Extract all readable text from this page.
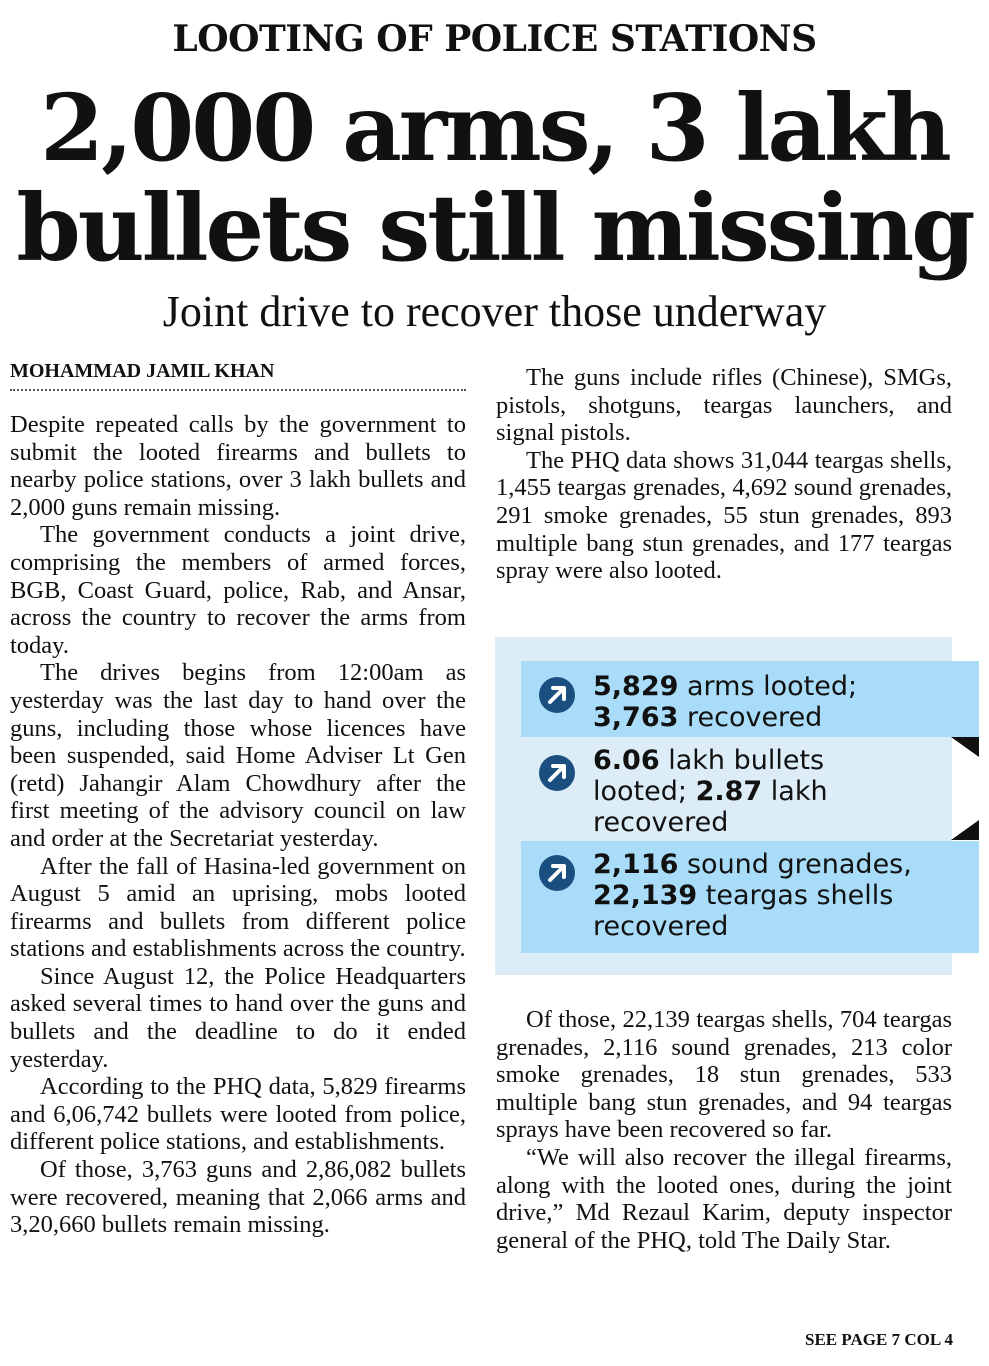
LOOTING OF POLICE STATIONS
2,000 arms, 3 lakh
bullets still missing
Joint drive to recover those underway
MOHAMMAD JAMIL KHAN

Despite repeated calls by the government to submit the looted firearms and bullets to nearby police stations, over 3 lakh bullets and 2,000 guns remain missing.

The government conducts a joint drive, comprising the members of armed forces, BGB, Coast Guard, police, Rab, and Ansar, across the country to recover the arms from today.

The drives begins from 12:00am as yesterday was the last day to hand over the guns, including those whose licences have been suspended, said Home Adviser Lt Gen (retd) Jahangir Alam Chowdhury after the first meeting of the advisory council on law and order at the Secretariat yesterday.

After the fall of Hasina-led government on August 5 amid an uprising, mobs looted firearms and bullets from different police stations and establishments across the country.

Since August 12, the Police Headquarters asked several times to hand over the guns and bullets and the deadline to do it ended yesterday.

According to the PHQ data, 5,829 firearms and 6,06,742 bullets were looted from police, different police stations, and establishments.

Of those, 3,763 guns and 2,86,082 bullets were recovered, meaning that 2,066 arms and 3,20,660 bullets remain missing.

The guns include rifles (Chinese), SMGs, pistols, shotguns, teargas launchers, and signal pistols.

The PHQ data shows 31,044 teargas shells, 1,455 teargas grenades, 4,692 sound grenades, 291 smoke grenades, 55 stun grenades, 893 multiple bang stun grenades, and 177 teargas spray were also looted.

5,829 arms looted;
3,763 recovered
6.06 lakh bullets looted; 2.87 lakh recovered
2,116 sound grenades, 22,139 teargas shells recovered

Of those, 22,139 teargas shells, 704 teargas grenades, 2,116 sound grenades, 213 color smoke grenades, 18 stun grenades, 533 multiple bang stun grenades, and 94 teargas sprays have been recovered so far.

“We will also recover the illegal firearms, along with the looted ones, during the joint drive,” Md Rezaul Karim, deputy inspector general of the PHQ, told The Daily Star.

SEE PAGE 7 COL 4
